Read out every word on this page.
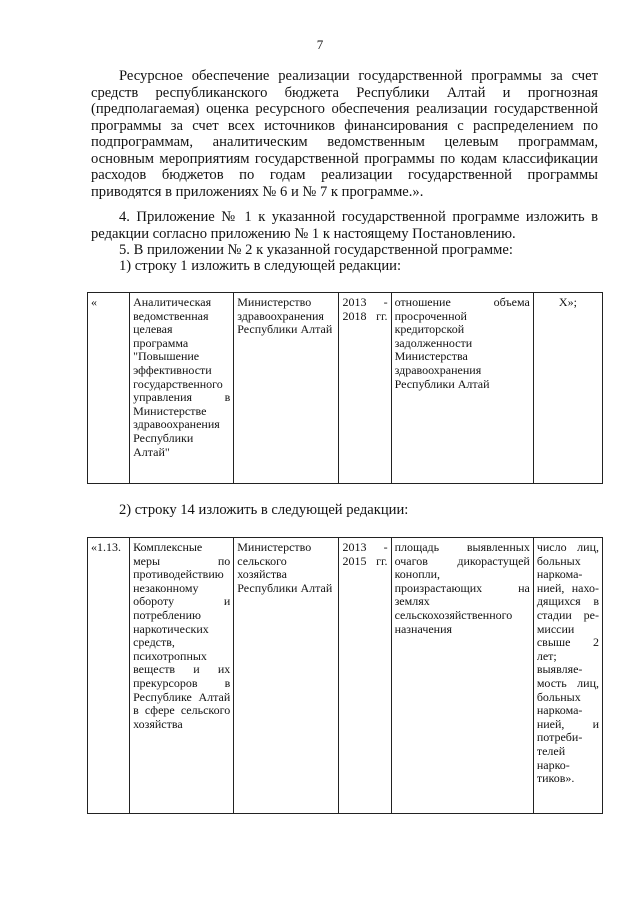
7

Ресурсное обеспечение реализации государственной программы за счет средств республиканского бюджета Республики Алтай и прогнозная (предполагаемая) оценка ресурсного обеспечения реализации государственной программы за счет всех источников финансирования с распределением по подпрограммам, аналитическим ведомственным целевым программам, основным мероприятиям государственной программы по кодам классификации расходов бюджетов по годам реализации государственной программы приводятся в приложениях № 6 и № 7 к программе.».

4. Приложение № 1 к указанной государственной программе изложить в редакции согласно приложению № 1 к настоящему Постановлению.

5. В приложении № 2 к указанной государственной программе:

1) строку 1 изложить в следующей редакции:

«	Аналитическая ведомственная целевая программа "Повышение эффективности государственного управления в Министерстве здравоохранения Республики Алтай"	Министерство здравоохранения Республики Алтай	2013 - 2018 гг.	отношение объема просроченной кредиторской задолженности Министерства здравоохранения Республики Алтай	Х»;

2) строку 14 изложить в следующей редакции:

«1.13.	Комплексные меры по противодействию незаконному обороту и потреблению наркотических средств, психотропных веществ и их прекурсоров в Республике Алтай в сфере сельского хозяйства	Министерство сельского хозяйства Республики Алтай	2013 - 2015 гг.	площадь выявленных очагов дикорастущей конопли, произрастающих на землях сельскохозяйственного назначения	число лиц, больных наркома-нией, нахо-дящихся в стадии ре-миссии свыше 2 лет; выявляе-мость лиц, больных наркома-нией, и потреби-телей нарко-тиков».
